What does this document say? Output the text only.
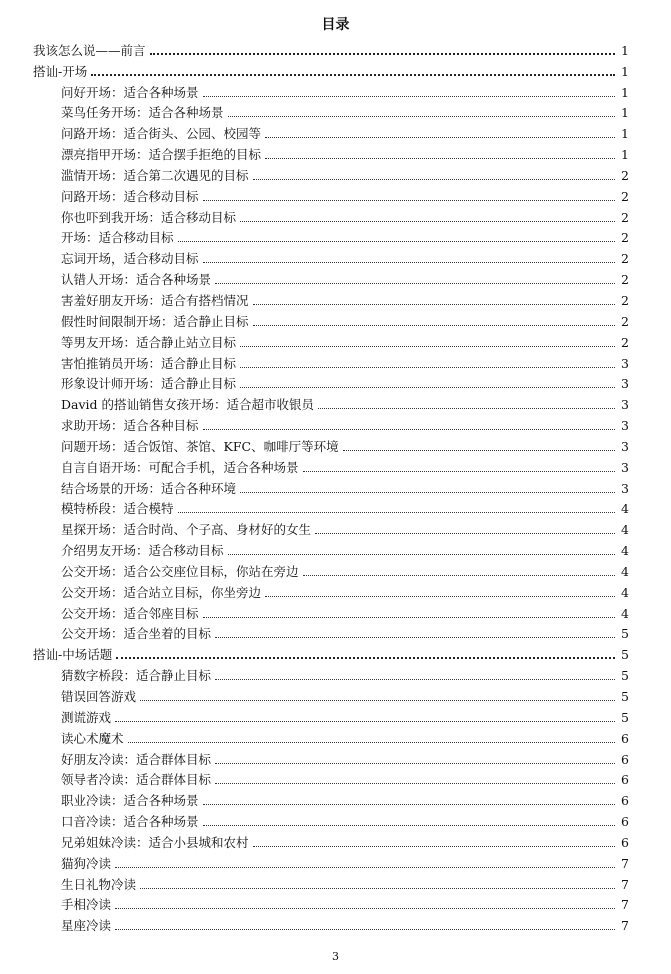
目录
我该怎么说——前言	1
搭讪-开场	1
问好开场：适合各种场景	1
菜鸟任务开场：适合各种场景	1
问路开场：适合街头、公园、校园等	1
漂亮指甲开场：适合摆手拒绝的目标	1
滥情开场：适合第二次遇见的目标	2
问路开场：适合移动目标	2
你也吓到我开场：适合移动目标	2
开场：适合移动目标	2
忘词开场，适合移动目标	2
认错人开场：适合各种场景	2
害羞好朋友开场：适合有搭档情况	2
假性时间限制开场：适合静止目标	2
等男友开场：适合静止站立目标	2
害怕推销员开场：适合静止目标	3
形象设计师开场：适合静止目标	3
David 的搭讪销售女孩开场：适合超市收银员	3
求助开场：适合各种目标	3
问题开场：适合饭馆、茶馆、KFC、咖啡厅等环境	3
自言自语开场：可配合手机，适合各种场景	3
结合场景的开场：适合各种环境	3
模特桥段：适合模特	4
星探开场：适合时尚、个子高、身材好的女生	4
介绍男友开场：适合移动目标	4
公交开场：适合公交座位目标，你站在旁边	4
公交开场：适合站立目标，你坐旁边	4
公交开场：适合邻座目标	4
公交开场：适合坐着的目标	5
搭讪-中场话题	5
猜数字桥段：适合静止目标	5
错误回答游戏	5
测谎游戏	5
读心术魔术	6
好朋友冷读：适合群体目标	6
领导者冷读：适合群体目标	6
职业冷读：适合各种场景	6
口音冷读：适合各种场景	6
兄弟姐妹冷读：适合小县城和农村	6
猫狗冷读	7
生日礼物冷读	7
手相冷读	7
星座冷读	7
3
